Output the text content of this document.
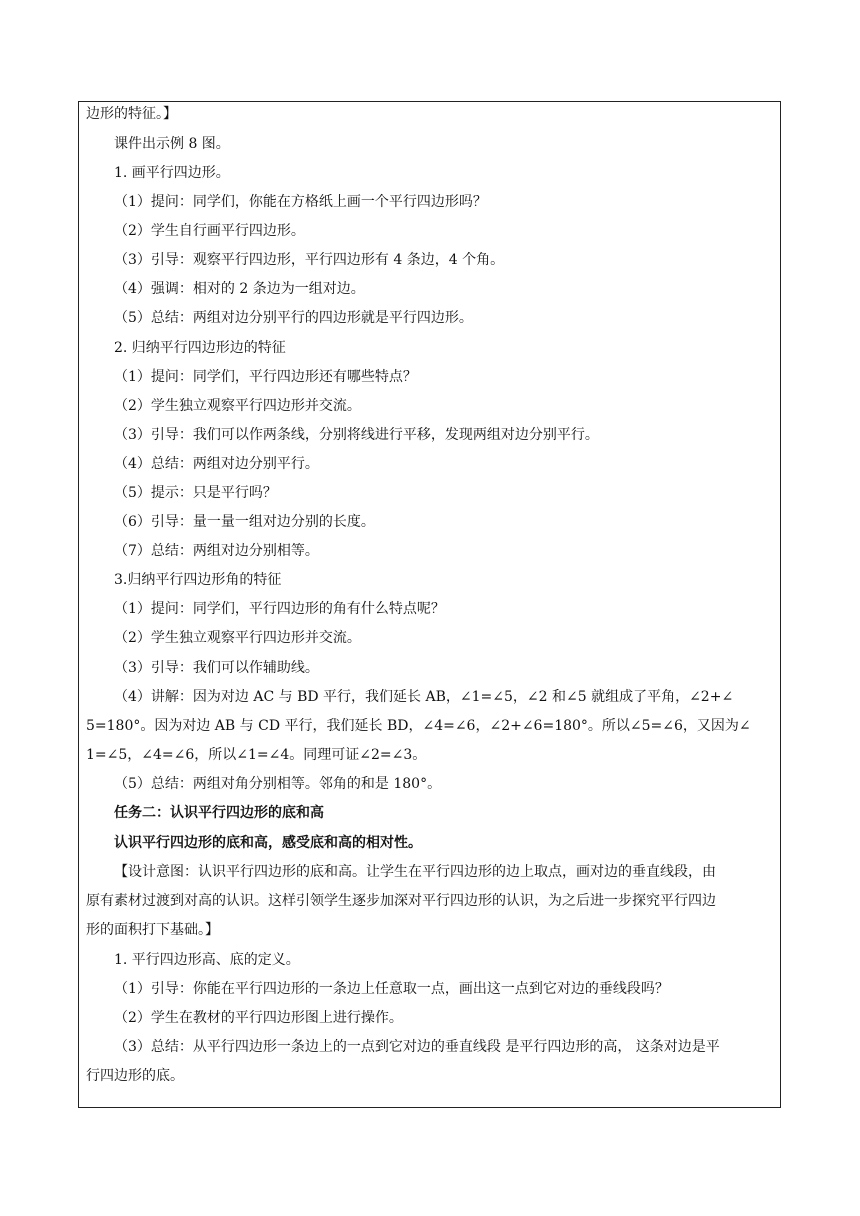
边形的特征。】
课件出示例 8 图。
1. 画平行四边形。
（1）提问：同学们，你能在方格纸上画一个平行四边形吗？
（2）学生自行画平行四边形。
（3）引导：观察平行四边形，平行四边形有 4 条边，4 个角。
（4）强调：相对的 2 条边为一组对边。
（5）总结：两组对边分别平行的四边形就是平行四边形。
2. 归纳平行四边形边的特征
（1）提问：同学们，平行四边形还有哪些特点？
（2）学生独立观察平行四边形并交流。
（3）引导：我们可以作两条线，分别将线进行平移，发现两组对边分别平行。
（4）总结：两组对边分别平行。
（5）提示：只是平行吗？
（6）引导：量一量一组对边分别的长度。
（7）总结：两组对边分别相等。
3.归纳平行四边形角的特征
（1）提问：同学们，平行四边形的角有什么特点呢？
（2）学生独立观察平行四边形并交流。
（3）引导：我们可以作辅助线。
（4）讲解：因为对边 AC 与 BD 平行，我们延长 AB，∠1=∠5，∠2 和∠5 就组成了平角，∠2+∠
5=180°。因为对边 AB 与 CD 平行，我们延长 BD，∠4=∠6，∠2+∠6=180°。所以∠5=∠6，又因为∠
1=∠5，∠4=∠6，所以∠1=∠4。同理可证∠2=∠3。
（5）总结：两组对角分别相等。邻角的和是 180°。
任务二：认识平行四边形的底和高
认识平行四边形的底和高，感受底和高的相对性。
【设计意图：认识平行四边形的底和高。让学生在平行四边形的边上取点，画对边的垂直线段，由
原有素材过渡到对高的认识。这样引领学生逐步加深对平行四边形的认识，为之后进一步探究平行四边
形的面积打下基础。】
1. 平行四边形高、底的定义。
（1）引导：你能在平行四边形的一条边上任意取一点，画出这一点到它对边的垂线段吗？
（2）学生在教材的平行四边形图上进行操作。
（3）总结：从平行四边形一条边上的一点到它对边的垂直线段 是平行四边形的高， 这条对边是平
行四边形的底。
